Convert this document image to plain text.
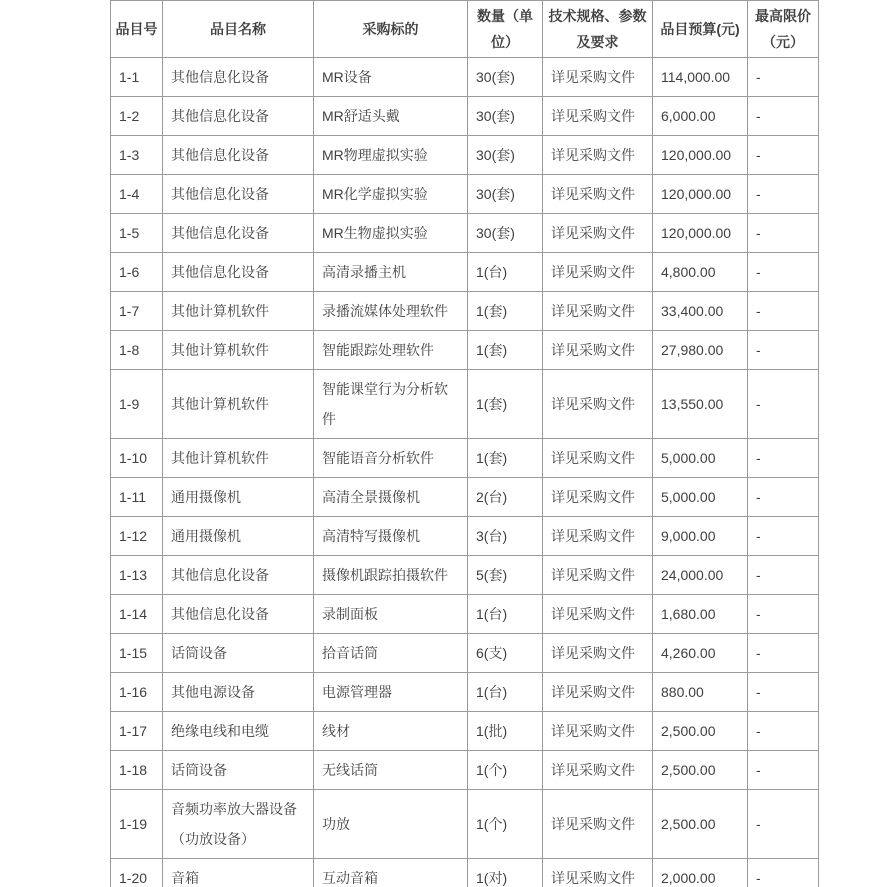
品目号	品目名称	采购标的	数量（单位）	技术规格、参数及要求	品目预算(元)	最高限价（元）
1-1	其他信息化设备	MR设备	30(套)	详见采购文件	114,000.00	-
1-2	其他信息化设备	MR舒适头戴	30(套)	详见采购文件	6,000.00	-
1-3	其他信息化设备	MR物理虚拟实验	30(套)	详见采购文件	120,000.00	-
1-4	其他信息化设备	MR化学虚拟实验	30(套)	详见采购文件	120,000.00	-
1-5	其他信息化设备	MR生物虚拟实验	30(套)	详见采购文件	120,000.00	-
1-6	其他信息化设备	高清录播主机	1(台)	详见采购文件	4,800.00	-
1-7	其他计算机软件	录播流媒体处理软件	1(套)	详见采购文件	33,400.00	-
1-8	其他计算机软件	智能跟踪处理软件	1(套)	详见采购文件	27,980.00	-
1-9	其他计算机软件	智能课堂行为分析软件	1(套)	详见采购文件	13,550.00	-
1-10	其他计算机软件	智能语音分析软件	1(套)	详见采购文件	5,000.00	-
1-11	通用摄像机	高清全景摄像机	2(台)	详见采购文件	5,000.00	-
1-12	通用摄像机	高清特写摄像机	3(台)	详见采购文件	9,000.00	-
1-13	其他信息化设备	摄像机跟踪拍摄软件	5(套)	详见采购文件	24,000.00	-
1-14	其他信息化设备	录制面板	1(台)	详见采购文件	1,680.00	-
1-15	话筒设备	拾音话筒	6(支)	详见采购文件	4,260.00	-
1-16	其他电源设备	电源管理器	1(台)	详见采购文件	880.00	-
1-17	绝缘电线和电缆	线材	1(批)	详见采购文件	2,500.00	-
1-18	话筒设备	无线话筒	1(个)	详见采购文件	2,500.00	-
1-19	音频功率放大器设备（功放设备）	功放	1(个)	详见采购文件	2,500.00	-
1-20	音箱	互动音箱	1(对)	详见采购文件	2,000.00	-
